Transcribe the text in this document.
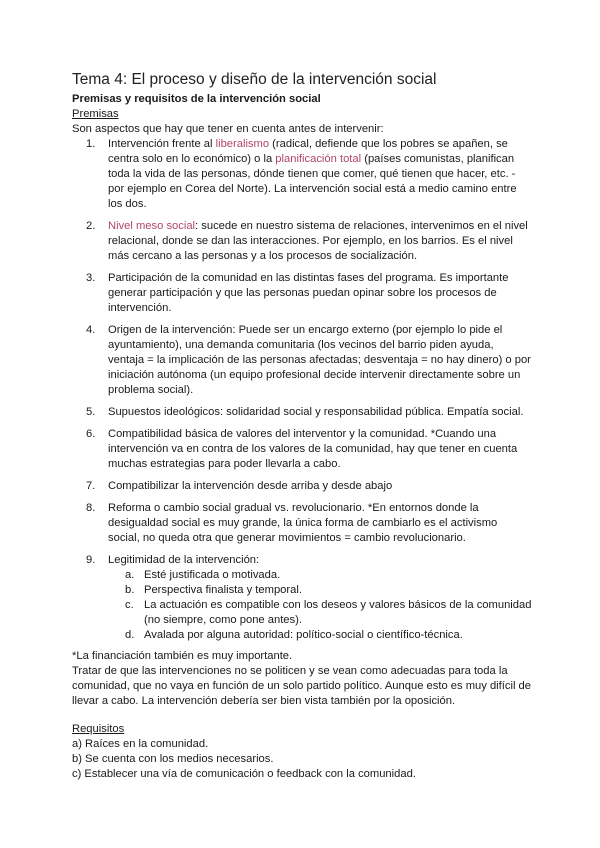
Tema 4: El proceso y diseño de la intervención social

Premisas y requisitos de la intervención social

Premisas

Son aspectos que hay que tener en cuenta antes de intervenir:

1. Intervención frente al liberalismo (radical, defiende que los pobres se apañen, se centra solo en lo económico) o la planificación total (países comunistas, planifican toda la vida de las personas, dónde tienen que comer, qué tienen que hacer, etc. - por ejemplo en Corea del Norte). La intervención social está a medio camino entre los dos.
2. Nivel meso social: sucede en nuestro sistema de relaciones, intervenimos en el nivel relacional, donde se dan las interacciones. Por ejemplo, en los barrios. Es el nivel más cercano a las personas y a los procesos de socialización.
3. Participación de la comunidad en las distintas fases del programa. Es importante generar participación y que las personas puedan opinar sobre los procesos de intervención.
4. Origen de la intervención: Puede ser un encargo externo (por ejemplo lo pide el ayuntamiento), una demanda comunitaria (los vecinos del barrio piden ayuda, ventaja = la implicación de las personas afectadas; desventaja = no hay dinero) o por iniciación autónoma (un equipo profesional decide intervenir directamente sobre un problema social).
5. Supuestos ideológicos: solidaridad social y responsabilidad pública. Empatía social.
6. Compatibilidad básica de valores del interventor y la comunidad. *Cuando una intervención va en contra de los valores de la comunidad, hay que tener en cuenta muchas estrategias para poder llevarla a cabo.
7. Compatibilizar la intervención desde arriba y desde abajo
8. Reforma o cambio social gradual vs. revolucionario. *En entornos donde la desigualdad social es muy grande, la única forma de cambiarlo es el activismo social, no queda otra que generar movimientos = cambio revolucionario.
9. Legitimidad de la intervención:
a. Esté justificada o motivada.
b. Perspectiva finalista y temporal.
c. La actuación es compatible con los deseos y valores básicos de la comunidad (no siempre, como pone antes).
d. Avalada por alguna autoridad: político-social o científico-técnica.

*La financiación también es muy importante.

Tratar de que las intervenciones no se politicen y se vean como adecuadas para toda la comunidad, que no vaya en función de un solo partido político. Aunque esto es muy difícil de llevar a cabo. La intervención debería ser bien vista también por la oposición.

Requisitos

a) Raíces en la comunidad.
b) Se cuenta con los medios necesarios.
c) Establecer una vía de comunicación o feedback con la comunidad.
